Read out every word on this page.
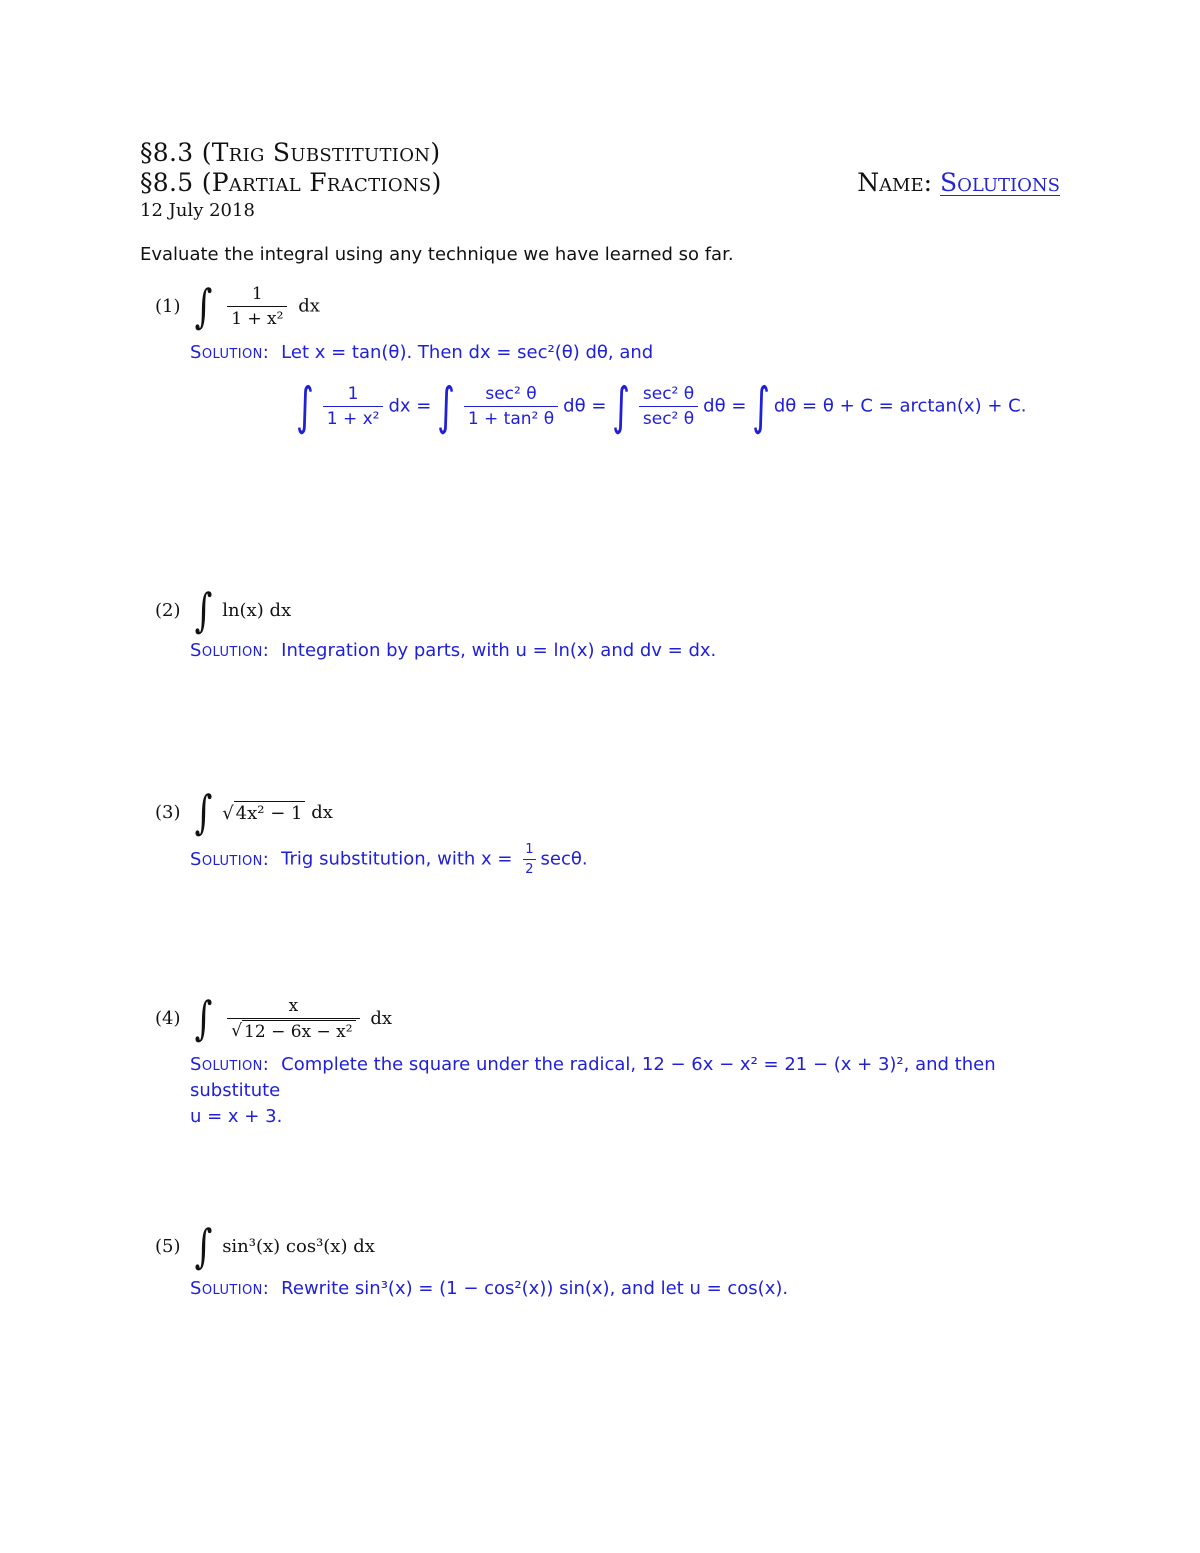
§8.3 (Trig Substitution)
§8.5 (Partial Fractions)	Name: Solutions
12 July 2018
Evaluate the integral using any technique we have learned so far.
(1) ∫ $\frac{1}{\text{1 + x²}}$ dx
Solution: Let x = tan(θ). Then dx = sec²(θ) dθ, and
∫ $\frac{1}{\text{1 + x²}}$ dx = ∫ $\frac{\text{sec² θ}}{\text{1 + tan² θ}}$ dθ = ∫ $\frac{\text{sec² θ}}{\text{sec² θ}}$ dθ = ∫ dθ = θ + C = arctan(x) + C.
(2) ∫ ln(x) dx
Solution: Integration by parts, with u = ln(x) and dv = dx.
(3) ∫ √ 4x² − 1 dx
Solution: Trig substitution, with $x = \frac{1}{2} \sec\theta$.
(4) ∫ $\frac{x}{\text{√ 12 − 6x − x²}}$ dx
Solution: Complete the square under the radical, 12 − 6x − x² = 21 − (x + 3)², and then substitute
u = x + 3.
(5) ∫ sin³(x) cos³(x) dx
Solution: Rewrite sin³(x) = (1 − cos²(x)) sin(x), and let u = cos(x).
